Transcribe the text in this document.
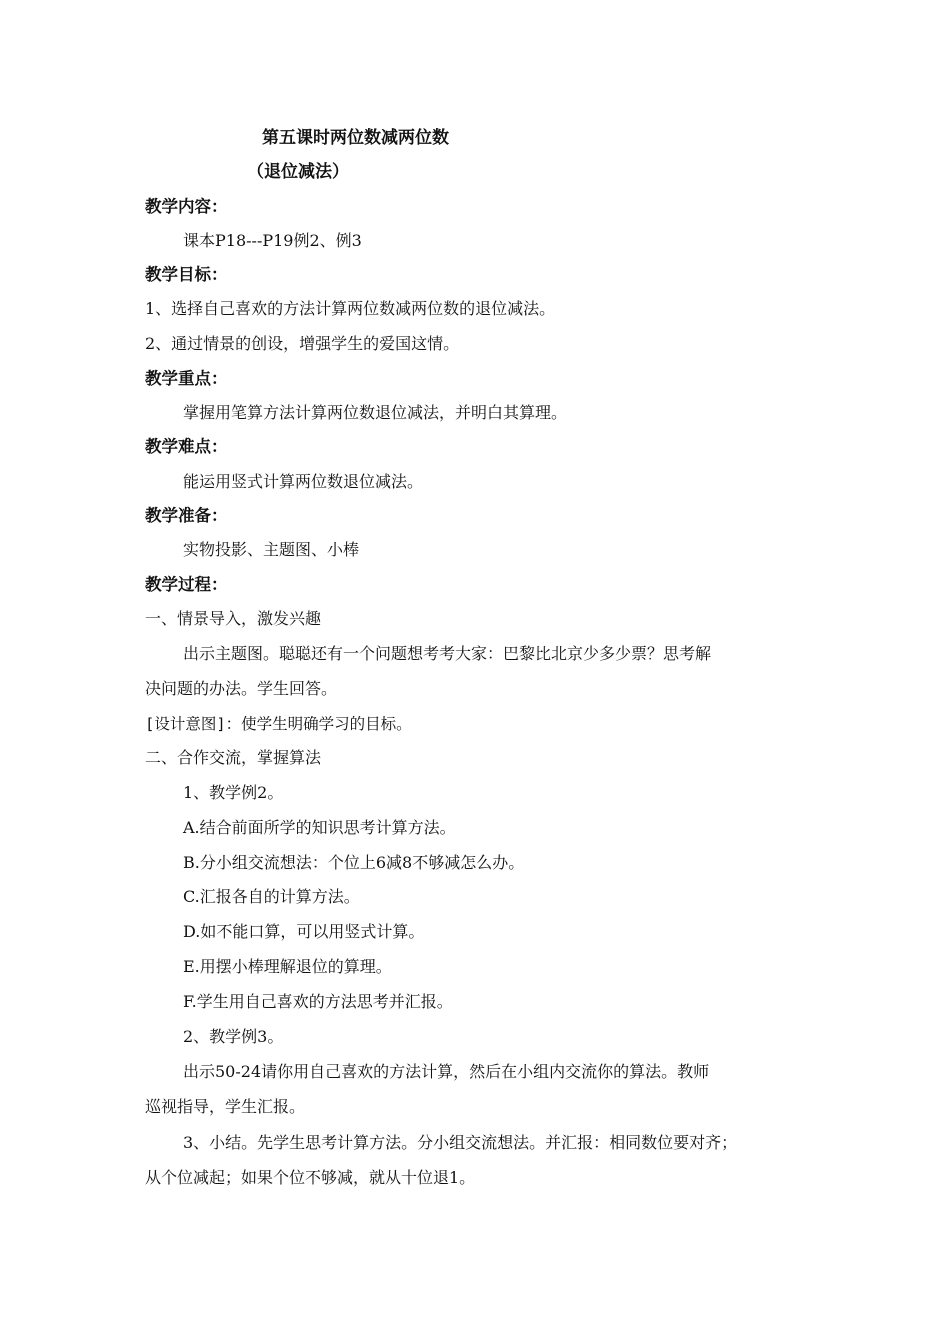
第五课时两位数减两位数
（退位减法）
教学内容：
课本P18---P19例2、例3
教学目标：
1、选择自己喜欢的方法计算两位数减两位数的退位减法。
2、通过情景的创设，增强学生的爱国这情。
教学重点：
掌握用笔算方法计算两位数退位减法，并明白其算理。
教学难点：
能运用竖式计算两位数退位减法。
教学准备：
实物投影、主题图、小棒
教学过程：
一、情景导入，激发兴趣
出示主题图。聪聪还有一个问题想考考大家：巴黎比北京少多少票？思考解
决问题的办法。学生回答。
[设计意图]：使学生明确学习的目标。
二、合作交流，掌握算法
1、教学例2。
A.结合前面所学的知识思考计算方法。
B.分小组交流想法：个位上6减8不够减怎么办。
C.汇报各自的计算方法。
D.如不能口算，可以用竖式计算。
E.用摆小棒理解退位的算理。
F.学生用自己喜欢的方法思考并汇报。
2、教学例3。
出示50-24请你用自己喜欢的方法计算，然后在小组内交流你的算法。教师
巡视指导，学生汇报。
3、小结。先学生思考计算方法。分小组交流想法。并汇报：相同数位要对齐；
从个位减起；如果个位不够减，就从十位退1。
